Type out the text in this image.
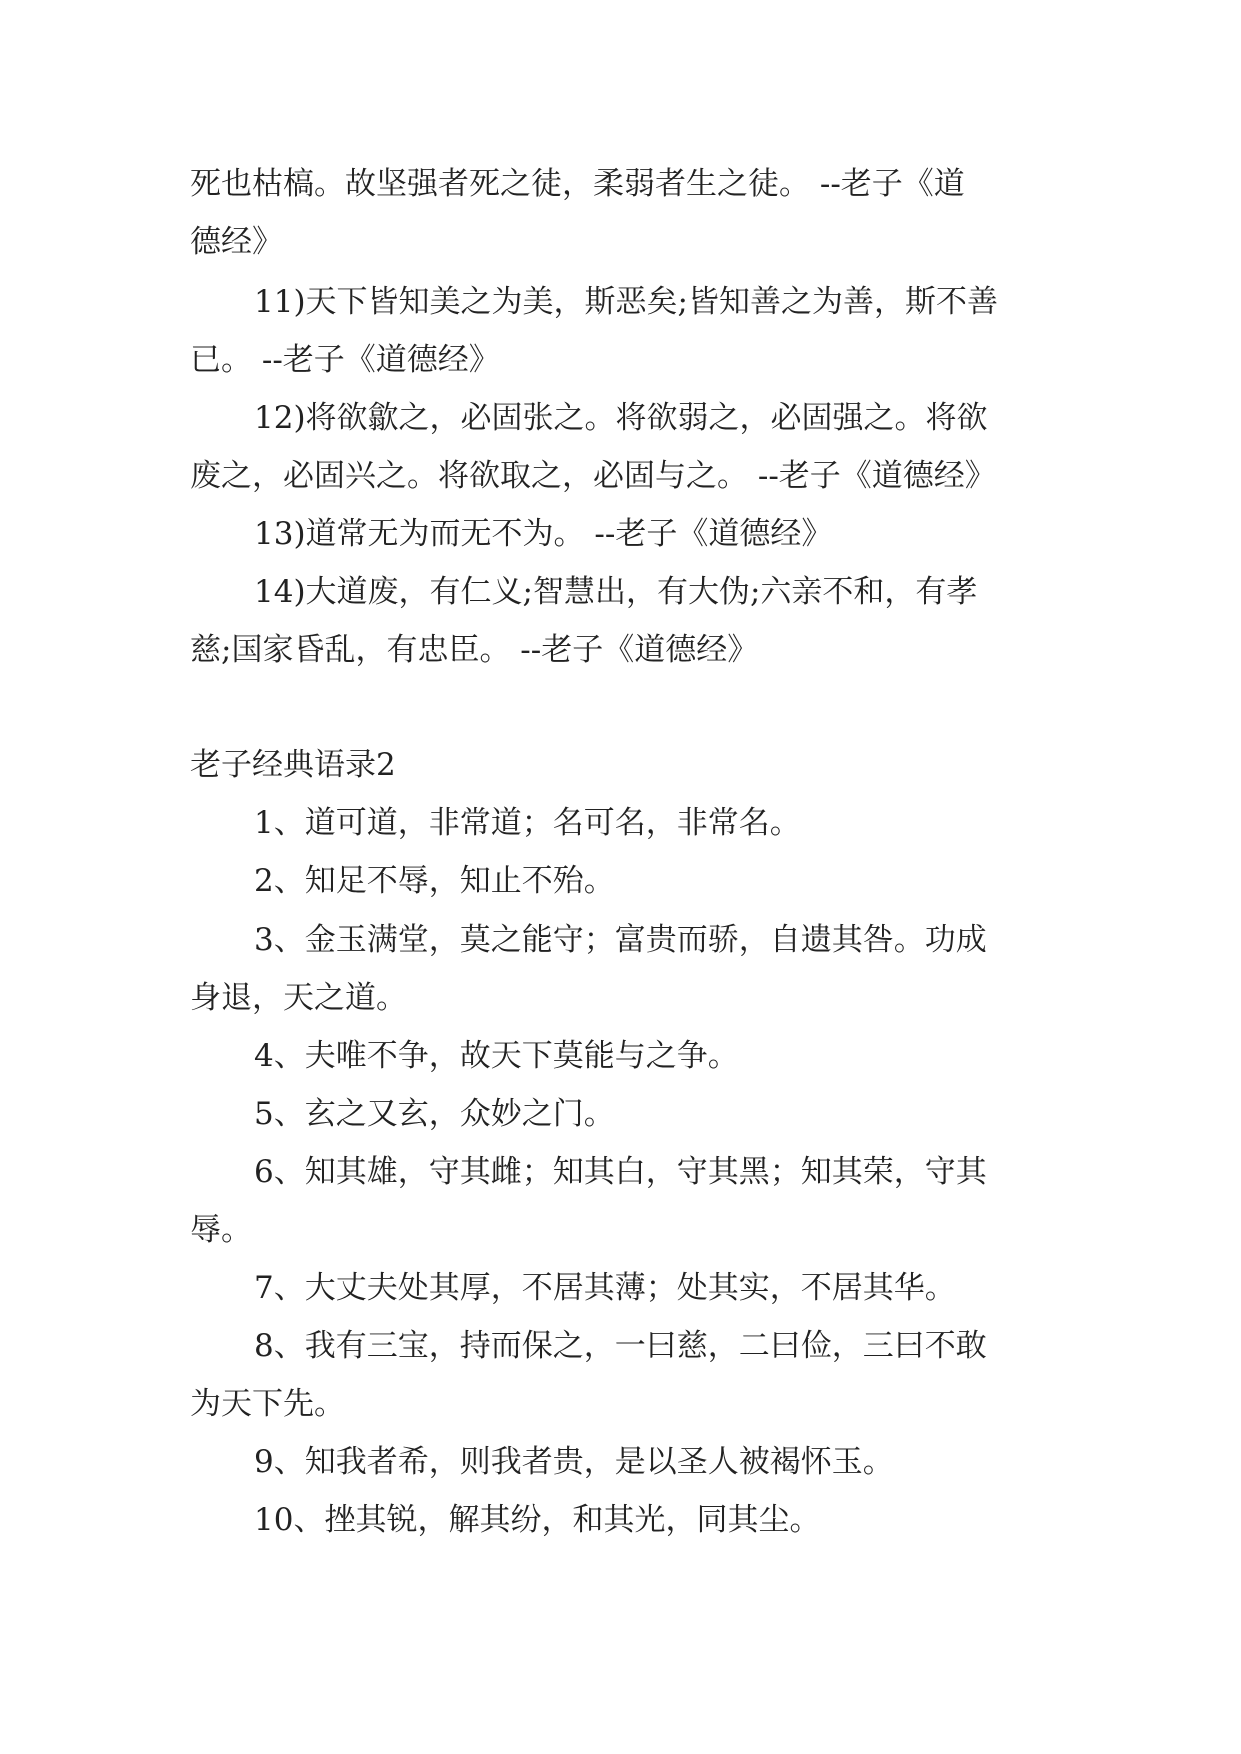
死也枯槁。故坚强者死之徒，柔弱者生之徒。 --老子《道
德经》
11)天下皆知美之为美，斯恶矣;皆知善之为善，斯不善
已。 --老子《道德经》
12)将欲歙之，必固张之。将欲弱之，必固强之。将欲
废之，必固兴之。将欲取之，必固与之。 --老子《道德经》
13)道常无为而无不为。 --老子《道德经》
14)大道废，有仁义;智慧出，有大伪;六亲不和，有孝
慈;国家昏乱，有忠臣。 --老子《道德经》
老子经典语录2
1、道可道，非常道；名可名，非常名。
2、知足不辱，知止不殆。
3、金玉满堂，莫之能守；富贵而骄，自遗其咎。功成
身退，天之道。
4、夫唯不争，故天下莫能与之争。
5、玄之又玄，众妙之门。
6、知其雄，守其雌；知其白，守其黑；知其荣，守其
辱。
7、大丈夫处其厚，不居其薄；处其实，不居其华。
8、我有三宝，持而保之，一曰慈，二曰俭，三曰不敢
为天下先。
9、知我者希，则我者贵，是以圣人被褐怀玉。
10、挫其锐，解其纷，和其光，同其尘。
